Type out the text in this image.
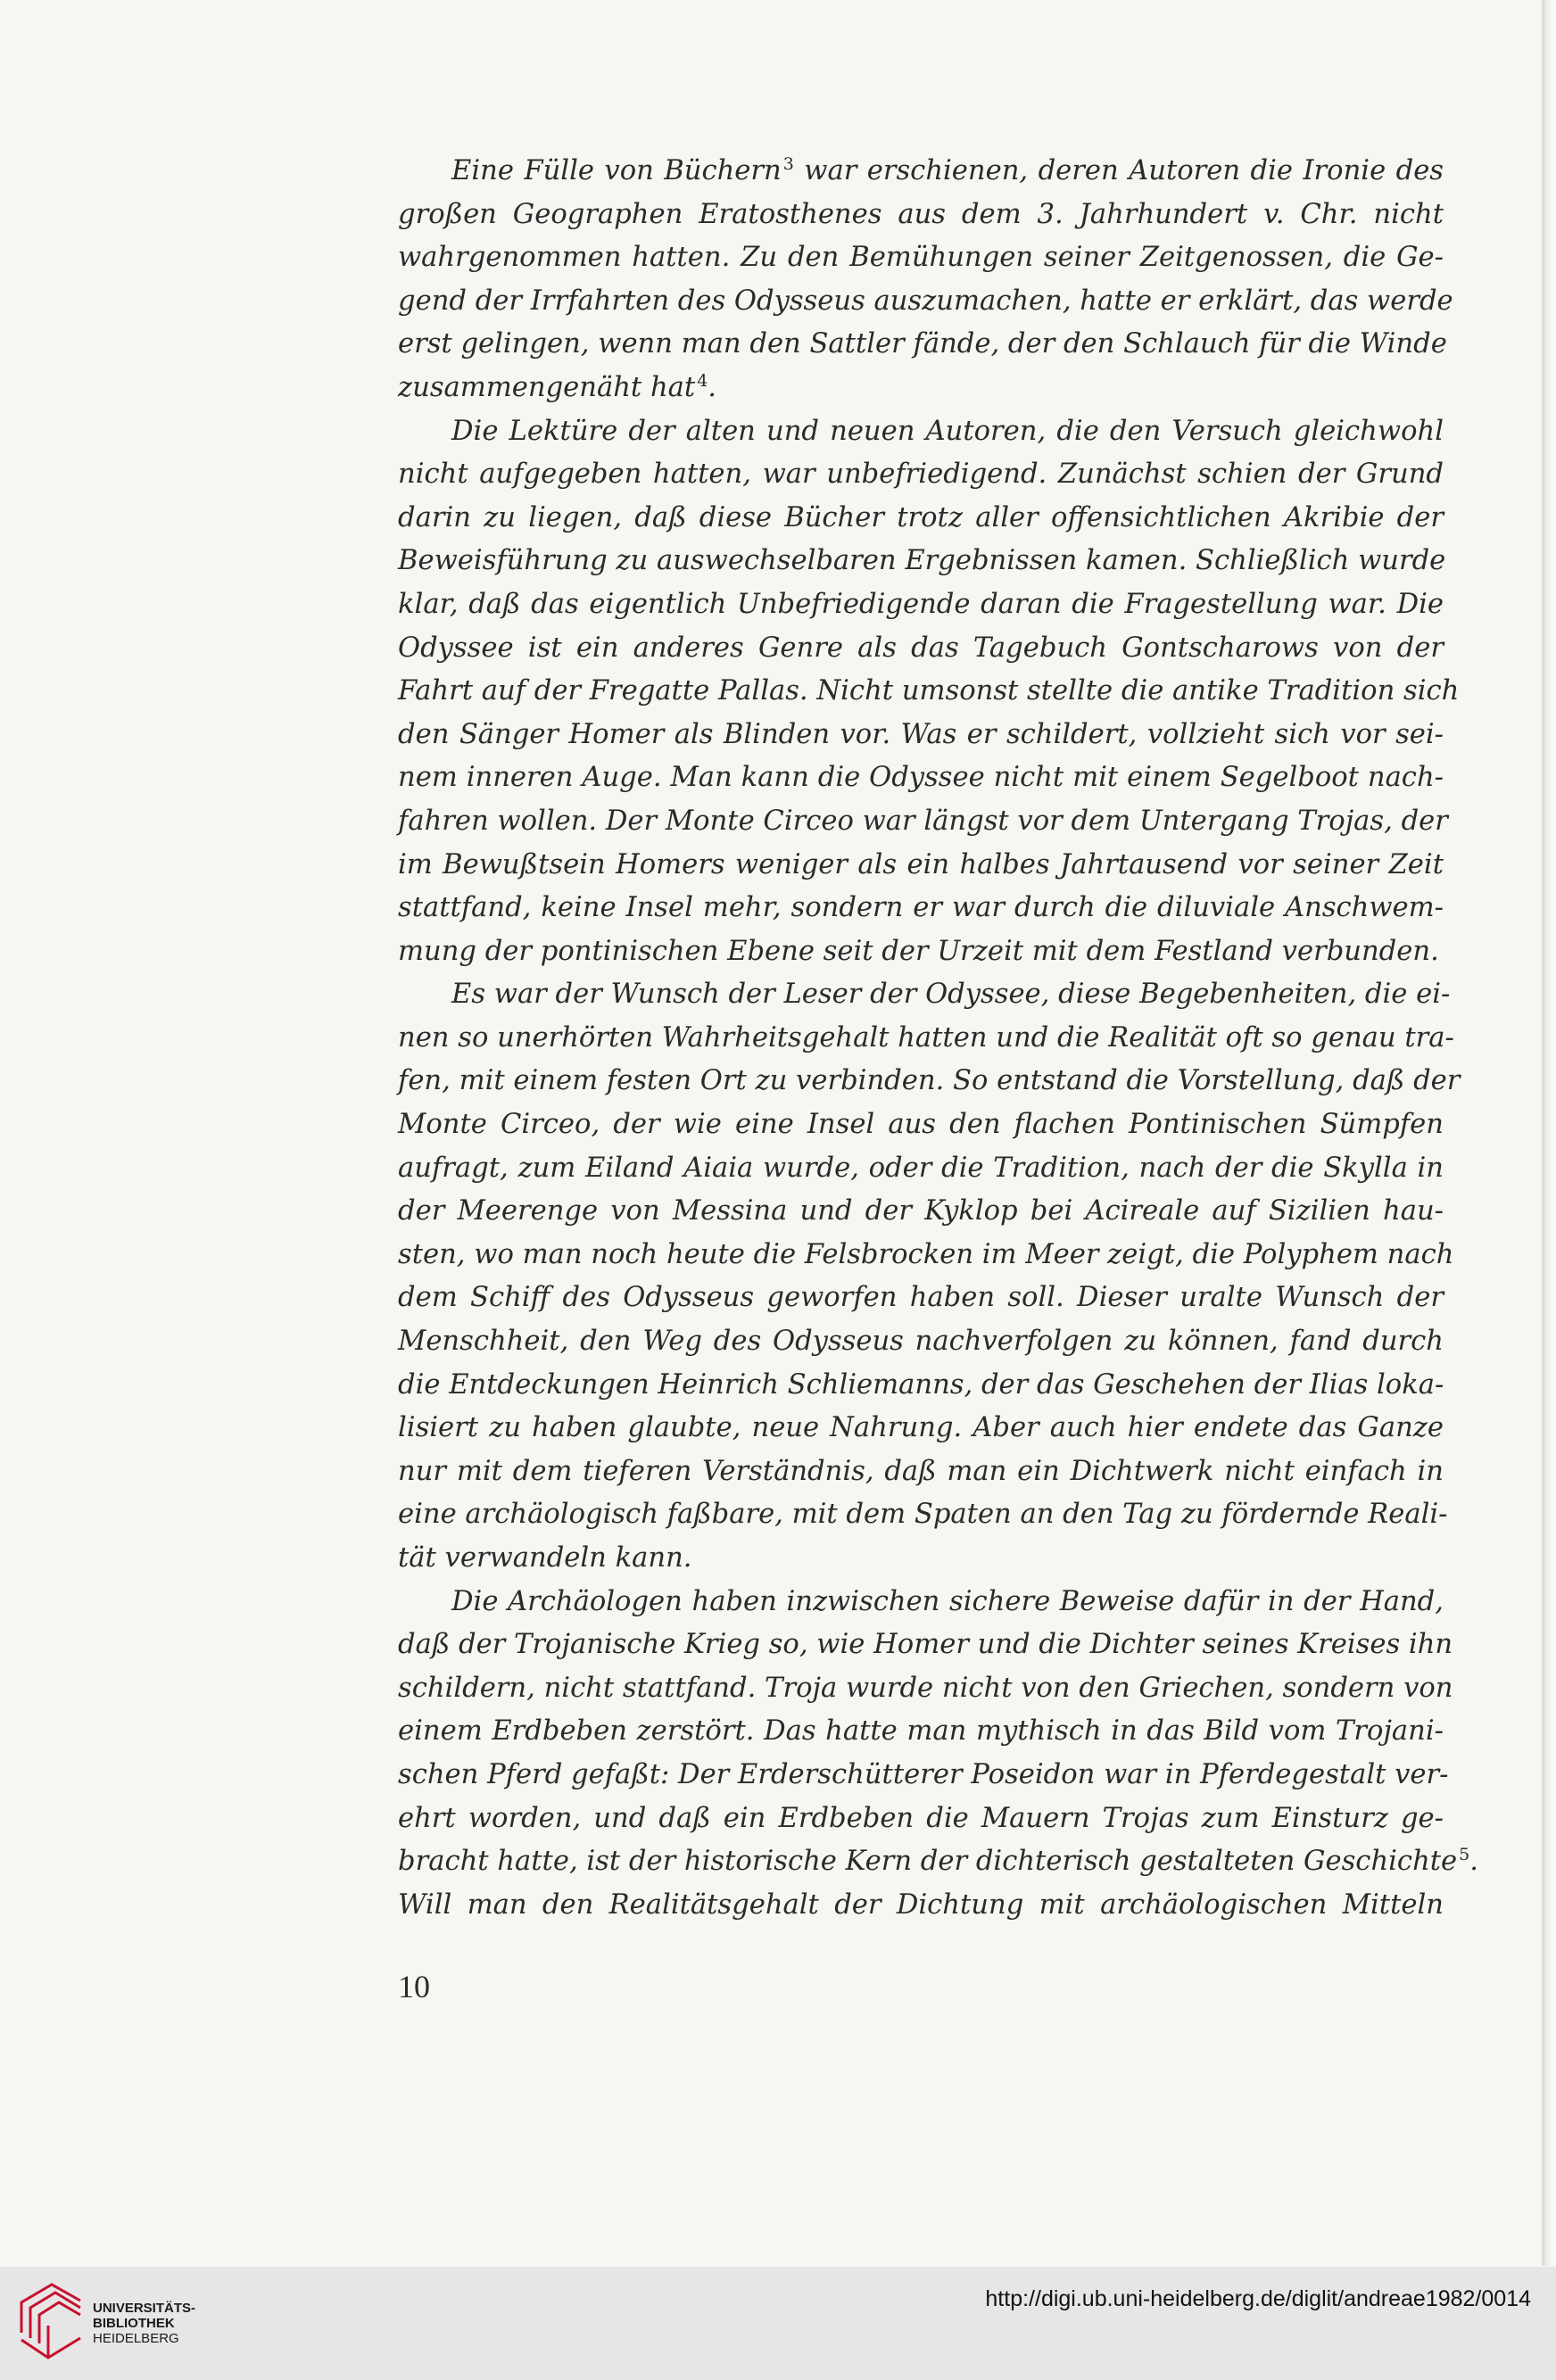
Eine Fülle von Büchern $^3$ war erschienen, deren Autoren die Ironie des
großen Geographen Eratosthenes aus dem 3. Jahrhundert v. Chr. nicht
wahrgenommen hatten. Zu den Bemühungen seiner Zeitgenossen, die Ge-
gend der Irrfahrten des Odysseus auszumachen, hatte er erklärt, das werde
erst gelingen, wenn man den Sattler fände, der den Schlauch für die Winde
zusammengenäht hat $^4$.
Die Lektüre der alten und neuen Autoren, die den Versuch gleichwohl
nicht aufgegeben hatten, war unbefriedigend. Zunächst schien der Grund
darin zu liegen, daß diese Bücher trotz aller offensichtlichen Akribie der
Beweisführung zu auswechselbaren Ergebnissen kamen. Schließlich wurde
klar, daß das eigentlich Unbefriedigende daran die Fragestellung war. Die
Odyssee ist ein anderes Genre als das Tagebuch Gontscharows von der
Fahrt auf der Fregatte Pallas. Nicht umsonst stellte die antike Tradition sich
den Sänger Homer als Blinden vor. Was er schildert, vollzieht sich vor sei-
nem inneren Auge. Man kann die Odyssee nicht mit einem Segelboot nach-
fahren wollen. Der Monte Circeo war längst vor dem Untergang Trojas, der
im Bewußtsein Homers weniger als ein halbes Jahrtausend vor seiner Zeit
stattfand, keine Insel mehr, sondern er war durch die diluviale Anschwem-
mung der pontinischen Ebene seit der Urzeit mit dem Festland verbunden.
Es war der Wunsch der Leser der Odyssee, diese Begebenheiten, die ei-
nen so unerhörten Wahrheitsgehalt hatten und die Realität oft so genau tra-
fen, mit einem festen Ort zu verbinden. So entstand die Vorstellung, daß der
Monte Circeo, der wie eine Insel aus den flachen Pontinischen Sümpfen
aufragt, zum Eiland Aiaia wurde, oder die Tradition, nach der die Skylla in
der Meerenge von Messina und der Kyklop bei Acireale auf Sizilien hau-
sten, wo man noch heute die Felsbrocken im Meer zeigt, die Polyphem nach
dem Schiff des Odysseus geworfen haben soll. Dieser uralte Wunsch der
Menschheit, den Weg des Odysseus nachverfolgen zu können, fand durch
die Entdeckungen Heinrich Schliemanns, der das Geschehen der Ilias loka-
lisiert zu haben glaubte, neue Nahrung. Aber auch hier endete das Ganze
nur mit dem tieferen Verständnis, daß man ein Dichtwerk nicht einfach in
eine archäologisch faßbare, mit dem Spaten an den Tag zu fördernde Reali-
tät verwandeln kann.
Die Archäologen haben inzwischen sichere Beweise dafür in der Hand,
daß der Trojanische Krieg so, wie Homer und die Dichter seines Kreises ihn
schildern, nicht stattfand. Troja wurde nicht von den Griechen, sondern von
einem Erdbeben zerstört. Das hatte man mythisch in das Bild vom Trojani-
schen Pferd gefaßt: Der Erderschütterer Poseidon war in Pferdegestalt ver-
ehrt worden, und daß ein Erdbeben die Mauern Trojas zum Einsturz ge-
bracht hatte, ist der historische Kern der dichterisch gestalteten Geschichte $^5$.
Will man den Realitätsgehalt der Dichtung mit archäologischen Mitteln
10
UNIVERSITÄTS-
BIBLIOTHEK
HEIDELBERG
http://digi.ub.uni-heidelberg.de/diglit/andreae1982/0014
